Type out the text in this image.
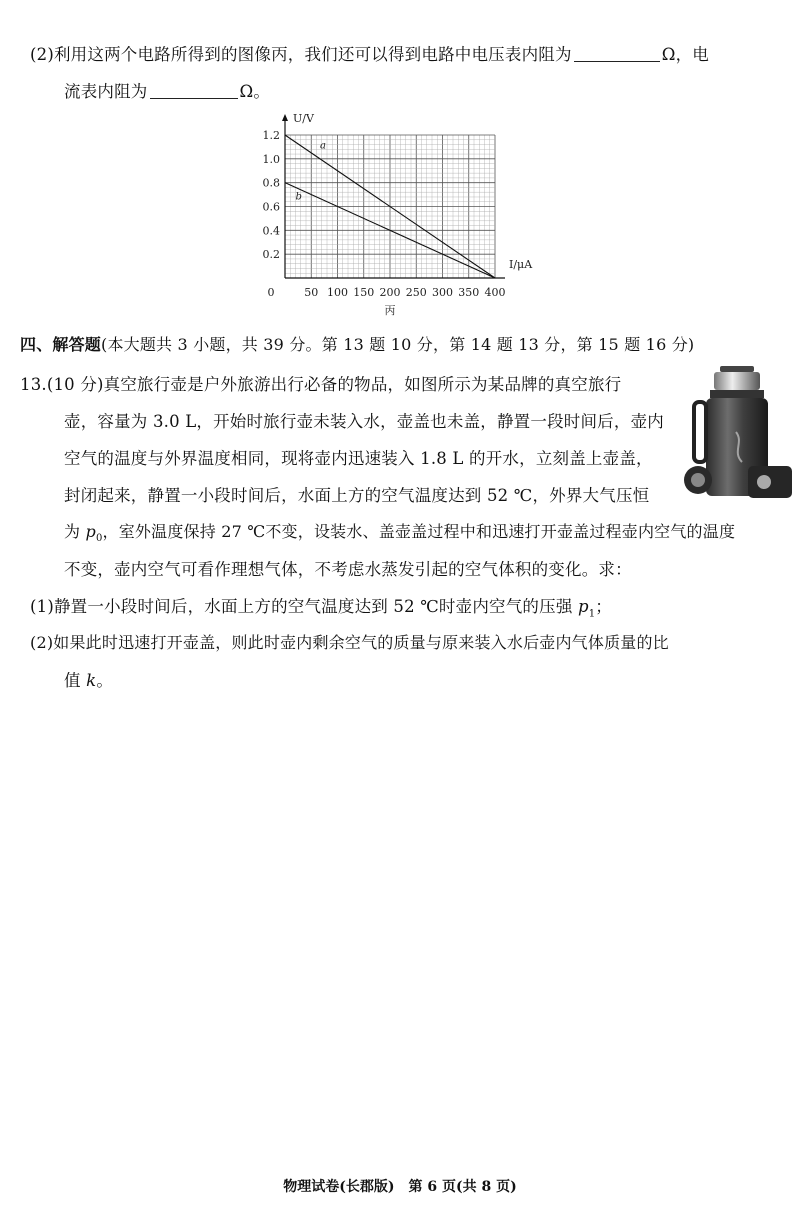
(2)利用这两个电路所得到的图像丙，我们还可以得到电路中电压表内阻为	Ω，电
流表内阻为	Ω。
a
b
0.2
0.4
0.6
0.8
1.0
1.2
50 100 150 200 250 300 350 400
0
U/V
I/μA
丙
四、解答题(本大题共 3 小题，共 39 分。第 13 题 10 分，第 14 题 13 分，第 15 题 16 分)
13.(10 分)真空旅行壶是户外旅游出行必备的物品，如图所示为某品牌的真空旅行
壶，容量为 3.0 L，开始时旅行壶未装入水，壶盖也未盖，静置一段时间后，壶内
空气的温度与外界温度相同，现将壶内迅速装入 1.8 L 的开水，立刻盖上壶盖，
封闭起来，静置一小段时间后，水面上方的空气温度达到 52 ℃，外界大气压恒
为 $p_0$，室外温度保持 27 ℃不变，设装水、盖壶盖过程中和迅速打开壶盖过程壶内空气的温度
不变，壶内空气可看作理想气体，不考虑水蒸发引起的空气体积的变化。求：
(1)静置一小段时间后，水面上方的空气温度达到 52 ℃时壶内空气的压强 $p_1$；
(2)如果此时迅速打开壶盖，则此时壶内剩余空气的质量与原来装入水后壶内气体质量的比
值 k。
物理试卷(长郡版)　第 6 页(共 8 页)
